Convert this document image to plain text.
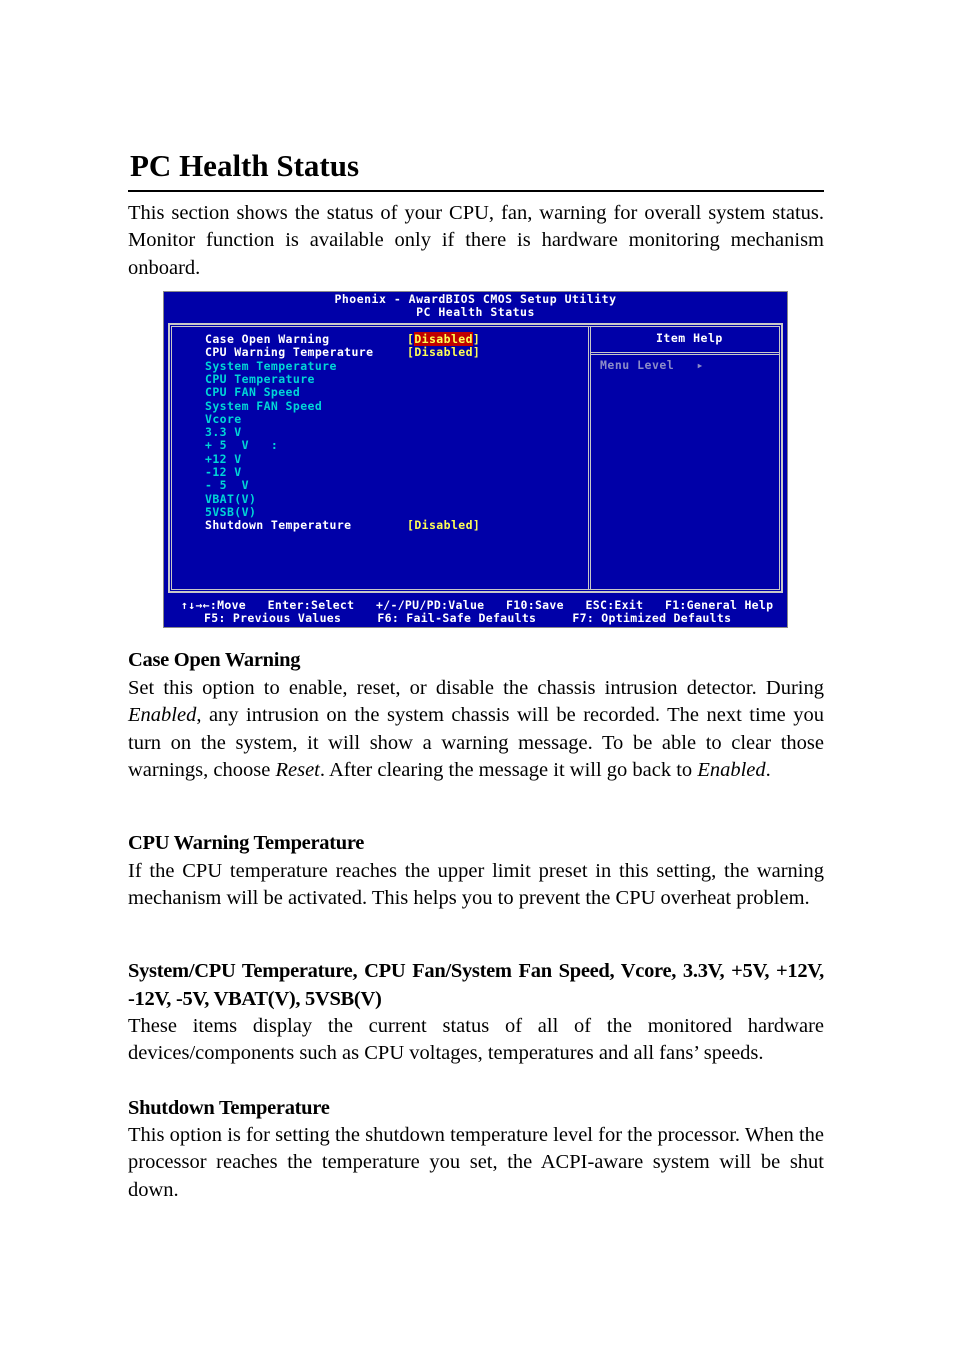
PC Health Status

This section shows the status of your CPU, fan, warning for overall system status. Monitor function is available only if there is hardware monitoring mechanism onboard.

Phoenix - AwardBIOS CMOS Setup Utility
PC Health Status
Case Open Warning	[Disabled]
CPU Warning Temperature	[Disabled]
System Temperature
CPU Temperature
CPU FAN Speed
System FAN Speed
Vcore
3.3 V
+ 5  V   :
+12 V
-12 V
- 5  V
VBAT(V)
5VSB(V)
Shutdown Temperature	[Disabled]
Item Help
Menu Level   ▸
↑↓→←:Move   Enter:Select   +/-/PU/PD:Value   F10:Save   ESC:Exit   F1:General Help
F5: Previous Values     F6: Fail-Safe Defaults     F7: Optimized Defaults
Case Open Warning

Set this option to enable, reset, or disable the chassis intrusion detector. During Enabled, any intrusion on the system chassis will be recorded. The next time you turn on the system, it will show a warning message. To be able to clear those warnings, choose Reset. After clearing the message it will go back to Enabled.

CPU Warning Temperature

If the CPU temperature reaches the upper limit preset in this setting, the warning mechanism will be activated. This helps you to prevent the CPU overheat problem.

System/CPU Temperature, CPU Fan/System Fan Speed, Vcore, 3.3V, +5V, +12V, -12V, -5V, VBAT(V), 5VSB(V)

These items display the current status of all of the monitored hardware devices/components such as CPU voltages, temperatures and all fans’ speeds.

Shutdown Temperature

This option is for setting the shutdown temperature level for the processor. When the processor reaches the temperature you set, the ACPI-aware system will be shut down.
